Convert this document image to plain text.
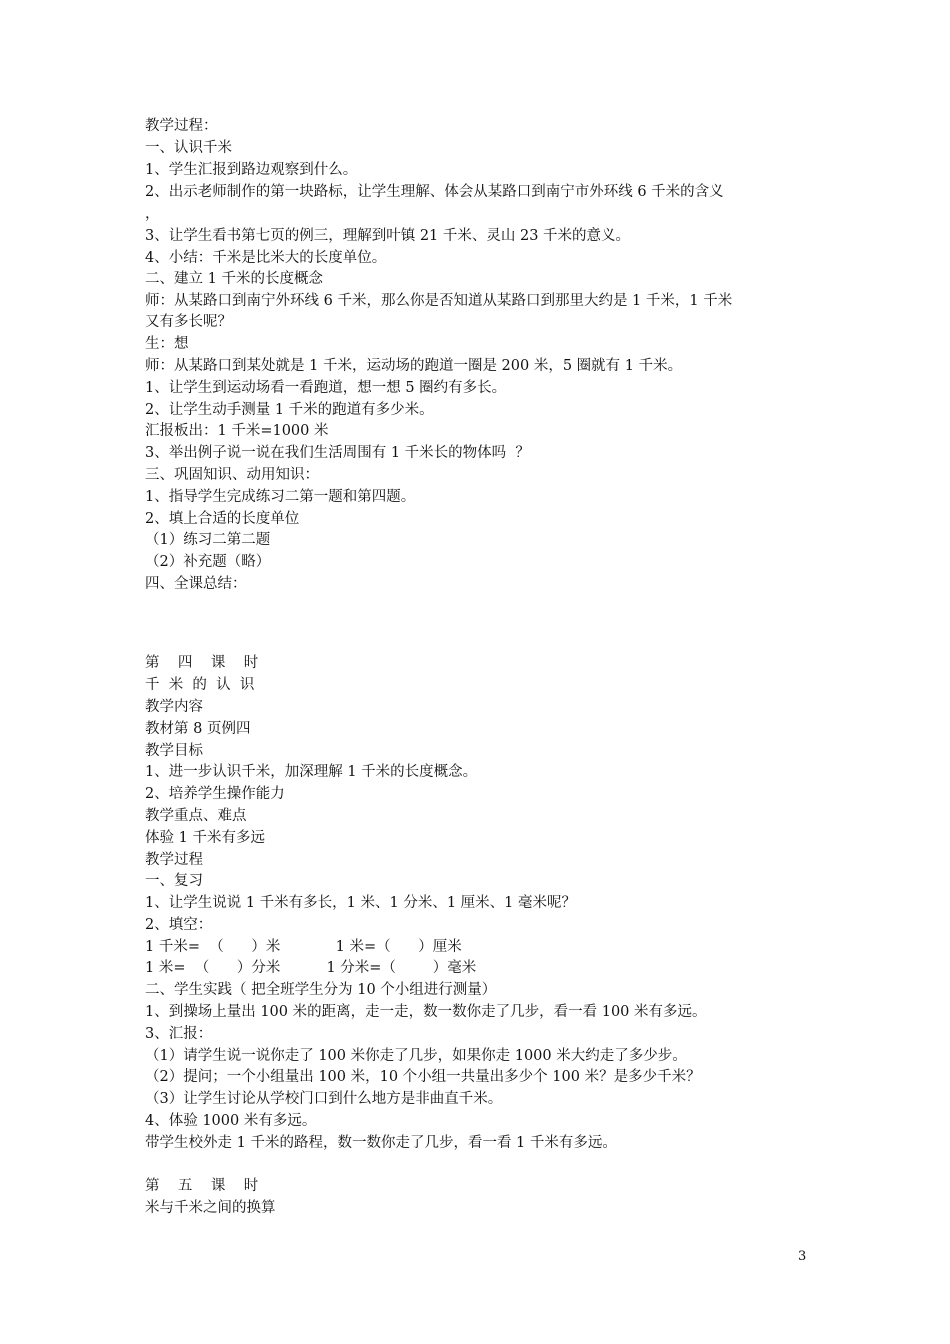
教学过程：
一、认识千米
1、学生汇报到路边观察到什么。
2、出示老师制作的第一块路标，让学生理解、体会从某路口到南宁市外环线 6 千米的含义
，
3、让学生看书第七页的例三，理解到叶镇 21 千米、灵山 23 千米的意义。
4、小结：千米是比米大的长度单位。
二、建立 1 千米的长度概念
师：从某路口到南宁外环线 6 千米，那么你是否知道从某路口到那里大约是 1 千米，1 千米
又有多长呢？
生：想
师：从某路口到某处就是 1 千米，运动场的跑道一圈是 200 米，5 圈就有 1 千米。
1、让学生到运动场看一看跑道，想一想 5 圈约有多长。
2、让学生动手测量 1 千米的跑道有多少米。
汇报板出：1 千米=1000 米
3、举出例子说一说在我们生活周围有 1 千米长的物体吗  ？
三、巩固知识、动用知识：
1、指导学生完成练习二第一题和第四题。
2、填上合适的长度单位
（1）练习二第二题
（2）补充题（略）
四、全课总结：
第    四    课    时
千  米  的  认  识
教学内容
教材第 8 页例四
教学目标
1、进一步认识千米，加深理解 1 千米的长度概念。
2、培养学生操作能力
教学重点、难点
体验 1 千米有多远
教学过程
一、复习
1、让学生说说 1 千米有多长，1 米、1 分米、1 厘米、1 毫米呢？
2、填空：
1 千米=  （      ）米            1 米=（      ）厘米
1 米=  （      ）分米          1 分米=（        ）毫米
二、学生实践（ 把全班学生分为 10 个小组进行测量）
1、到操场上量出 100 米的距离，走一走，数一数你走了几步，看一看 100 米有多远。
3、汇报：
（1）请学生说一说你走了 100 米你走了几步，如果你走 1000 米大约走了多少步。
（2）提问；一个小组量出 100 米，10 个小组一共量出多少个 100 米？是多少千米？
（3）让学生讨论从学校门口到什么地方是非曲直千米。
4、体验 1000 米有多远。
带学生校外走 1 千米的路程，数一数你走了几步，看一看 1 千米有多远。
第    五    课    时
米与千米之间的换算
3
